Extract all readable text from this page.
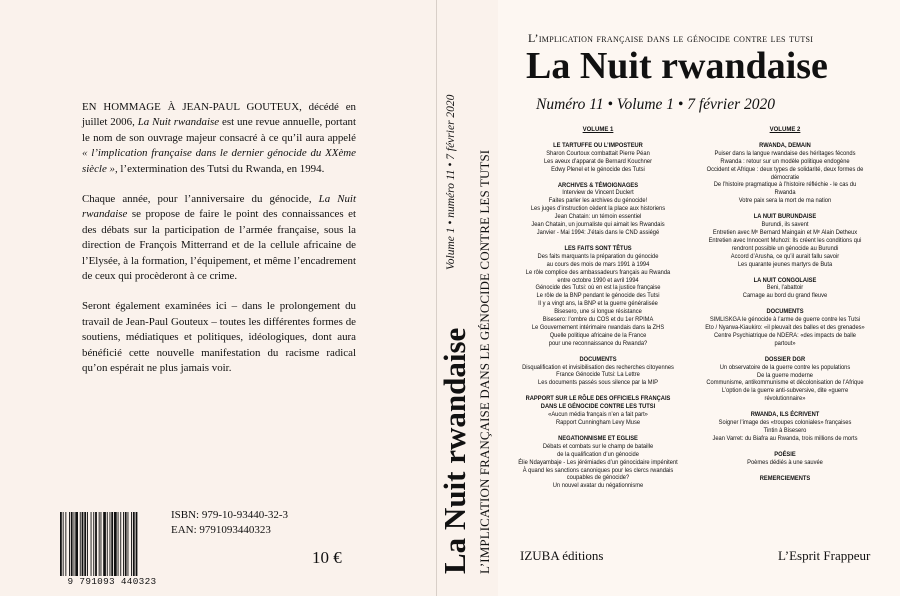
EN HOMMAGE À JEAN-PAUL GOUTEUX, décédé en juillet 2006, La Nuit rwandaise est une revue annuelle, portant le nom de son ouvrage majeur consacré à ce qu’il aura appelé « l’implication française dans le dernier génocide du XXème siècle », l’extermination des Tutsi du Rwanda, en 1994.

Chaque année, pour l’anniversaire du génocide, La Nuit rwandaise se propose de faire le point des connaissances et des débats sur la participation de l’armée française, sous la direction de François Mitterrand et de la cellule africaine de l’Elysée, à la formation, l’équipement, et même l’encadrement de ceux qui procèderont à ce crime.

Seront également examinées ici – dans le prolongement du travail de Jean-Paul Gouteux – toutes les différentes formes de soutiens, médiatiques et politiques, idéologiques, dont aura bénéficié cette nouvelle manifestation du racisme radical qu’on espérait ne plus jamais voir.

9 791093 440323
ISBN: 979-10-93440-32-3
EAN: 9791093440323
10 €	La Nuit rwandaise
Volume 1 • numéro 11 • 7 février 2020 L’IMPLICATION FRANÇAISE DANS LE GÉNOCIDE CONTRE LES TUTSI
L’implication française dans le génocide contre les tutsi
La Nuit rwandaise
Numéro 11 • Volume 1 • 7 février 2020
VOLUME 1
LE TARTUFFE OU L’IMPOSTEUR
Sharon Courtoux combattait Pierre Péan
Les aveux d’apparat de Bernard Kouchner
Edwy Plenel et le génocide des Tutsi
ARCHIVES & TÉMOIGNAGES
Interview de Vincent Duclert
Faites parler les archives du génocide!
Les juges d’instruction cèdent la place aux historiens
Jean Chatain: un témoin essentiel
Jean Chatain, un journaliste qui aimait les Rwandais
Janvier - Mai 1994: J’étais dans le CND assiégé
LES FAITS SONT TÊTUS
Des faits marquants la préparation du génocide
au cours des mois de mars 1991 à 1994
Le rôle complice des ambassadeurs français au Rwanda
entre octobre 1990 et avril 1994
Génocide des Tutsi: où en est la justice française
Le rôle de la BNP pendant le génocide des Tutsi
Il y a vingt ans, la BNP et la guerre généralisée
Bisesero, une si longue résistance
Bisesero: l’ombre du COS et du 1er RPIMA
Le Gouvernement intérimaire rwandais dans la ZHS
Quelle politique africaine de la France
pour une reconnaissance du Rwanda?
DOCUMENTS
Disqualification et invisibilisation des recherches citoyennes
France Génocide Tutsi: La Lettre
Les documents passés sous silence par la MIP
RAPPORT SUR LE RÔLE DES OFFICIELS FRANÇAIS DANS LE GÉNOCIDE CONTRE LES TUTSI
«Aucun média français n’en a fait part»
Rapport Cunningham Levy Muse
NEGATIONNISME ET EGLISE
Débats et combats sur le champ de bataille
de la qualification d’un génocide
Élie Ndayambaje - Les jérémiades d’un génocidaire impénitent
À quand les sanctions canoniques pour les clercs rwandais
coupables de génocide?
Un nouvel avatar du négationnisme
VOLUME 2
RWANDA, DEMAIN
Puiser dans la langue rwandaise des héritages féconds
Rwanda : retour sur un modèle politique endogène
Occident et Afrique : deux types de solidarité, deux formes de
démocratie
De l’histoire pragmatique à l’histoire réfléchie - le cas du Rwanda
Votre paix sera la mort de ma nation
LA NUIT BURUNDAISE
Burundi, ils savent
Entretien avec Mᵉ Bernard Maingain et Mᵉ Alain Detheux
Entretien avec Innocent Muhozi: Ils créent les conditions qui
rendront possible un génocide au Burundi
Accord d’Arusha, ce qu’il aurait fallu savoir
Les quarante jeunes martyrs de Buta
LA NUIT CONGOLAISE
Beni, l’abattoir
Carnage au bord du grand fleuve
DOCUMENTS
SIMLISKGA le génocide à l’arme de guerre contre les Tutsi
Eto / Nyarwa-Kiaukiro: «il pleuvait des balles et des grenades»
Centre Psychiatrique de NDERA: «des impacts de balle partout»
DOSSIER DGR
Un observatoire de la guerre contre les populations
De la guerre moderne
Communisme, antikommunisme et décolonisation de l’Afrique
L’option de la guerre anti-subversive, dite «guerre révolutionnaire»
RWANDA, ILS ÉCRIVENT
Soigner l’image des «troupes coloniales» françaises
Tintin à Bisesero
Jean Varret: du Biafra au Rwanda, trois millions de morts
POÉSIE
Poèmes dédiés à une sauvée
REMERCIEMENTS
IZUBA éditions	L’Esprit Frappeur
